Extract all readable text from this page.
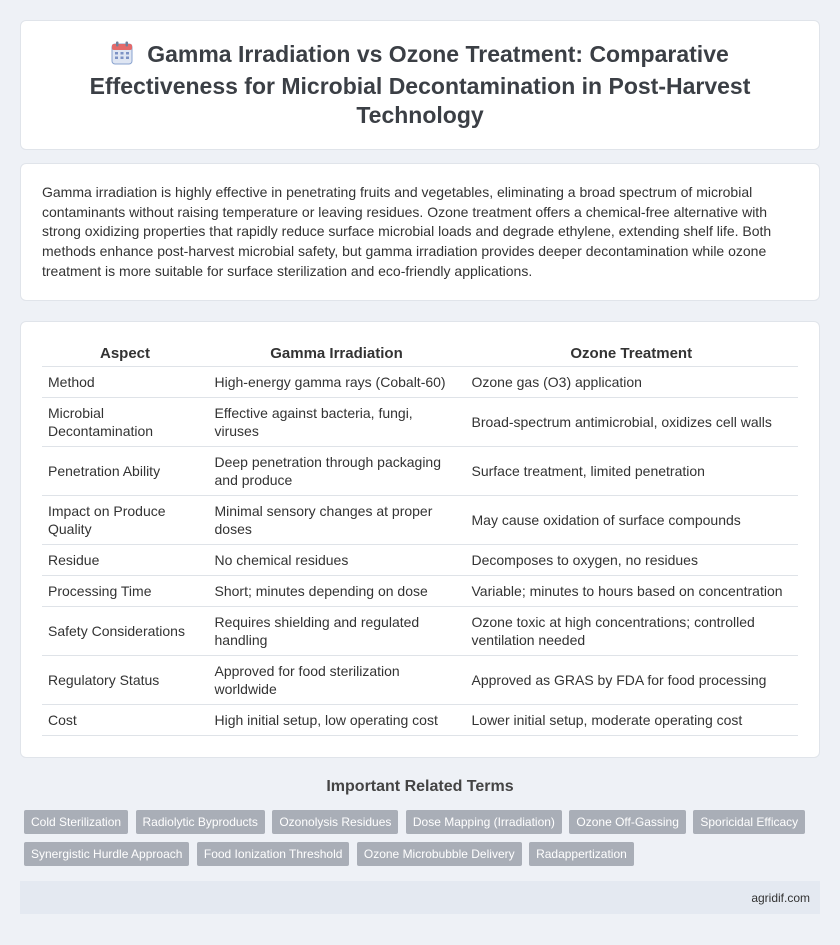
Gamma Irradiation vs Ozone Treatment: Comparative Effectiveness for Microbial Decontamination in Post-Harvest Technology

Gamma irradiation is highly effective in penetrating fruits and vegetables, eliminating a broad spectrum of microbial contaminants without raising temperature or leaving residues. Ozone treatment offers a chemical-free alternative with strong oxidizing properties that rapidly reduce surface microbial loads and degrade ethylene, extending shelf life. Both methods enhance post-harvest microbial safety, but gamma irradiation provides deeper decontamination while ozone treatment is more suitable for surface sterilization and eco-friendly applications.

Aspect	Gamma Irradiation	Ozone Treatment
Method	High-energy gamma rays (Cobalt-60)	Ozone gas (O3) application
Microbial Decontamination	Effective against bacteria, fungi, viruses	Broad-spectrum antimicrobial, oxidizes cell walls
Penetration Ability	Deep penetration through packaging and produce	Surface treatment, limited penetration
Impact on Produce Quality	Minimal sensory changes at proper doses	May cause oxidation of surface compounds
Residue	No chemical residues	Decomposes to oxygen, no residues
Processing Time	Short; minutes depending on dose	Variable; minutes to hours based on concentration
Safety Considerations	Requires shielding and regulated handling	Ozone toxic at high concentrations; controlled ventilation needed
Regulatory Status	Approved for food sterilization worldwide	Approved as GRAS by FDA for food processing
Cost	High initial setup, low operating cost	Lower initial setup, moderate operating cost
Important Related Terms
Cold Sterilization Radiolytic Byproducts Ozonolysis Residues Dose Mapping (Irradiation) Ozone Off-Gassing Sporicidal Efficacy Synergistic Hurdle Approach Food Ionization Threshold Ozone Microbubble Delivery Radappertization
agridif.com
